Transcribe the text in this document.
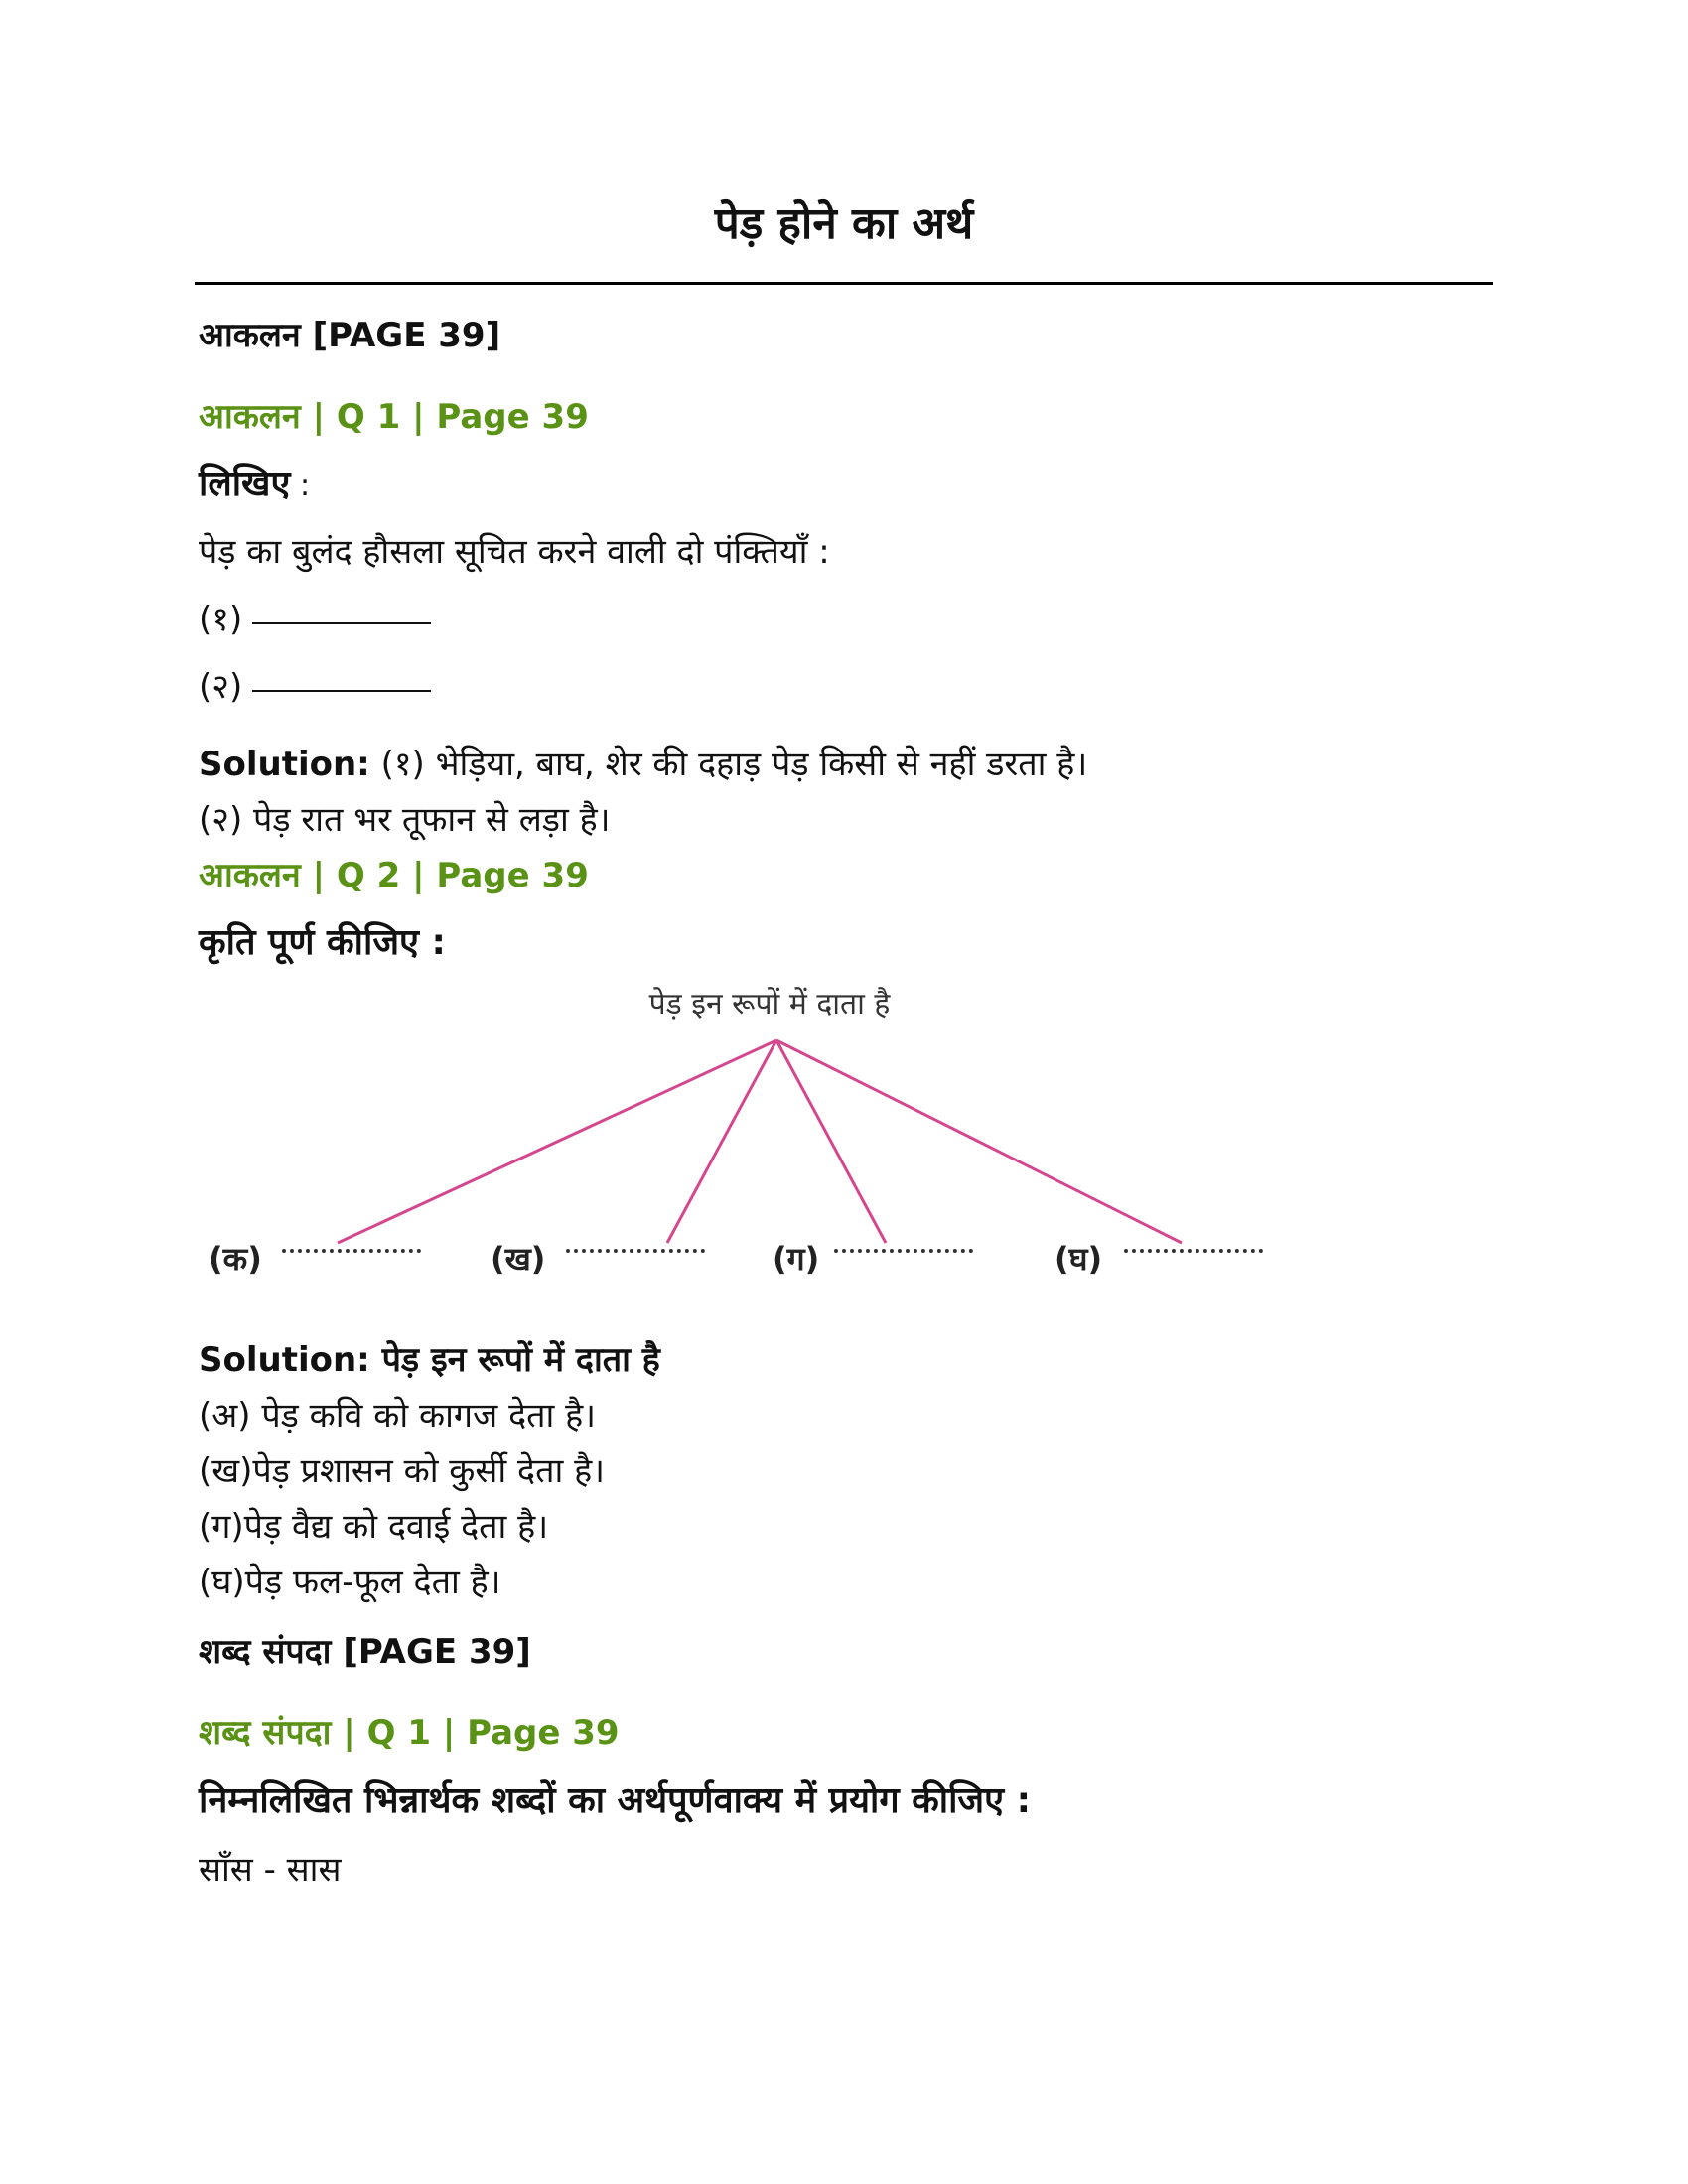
पेड़ होने का अर्थ
आकलन [PAGE 39]
आकलन | Q 1 | Page 39
लिखिए :
पेड़ का बुलंद हौसला सूचित करने वाली दो पंक्तियाँ :
(१)
(२)
Solution: (१) भेड़िया, बाघ, शेर की दहाड़ पेड़ किसी से नहीं डरता है।
(२) पेड़ रात भर तूफान से लड़ा है।
आकलन | Q 2 | Page 39
कृति पूर्ण कीजिए :
पेड़ इन रूपों में दाता है
(क)	(ख)	(ग)	(घ)
Solution: पेड़ इन रूपों में दाता है
(अ) पेड़ कवि को कागज देता है।
(ख)पेड़ प्रशासन को कुर्सी देता है।
(ग)पेड़ वैद्य को दवाई देता है।
(घ)पेड़ फल-फूल देता है।
शब्द संपदा [PAGE 39]
शब्द संपदा | Q 1 | Page 39
निम्नलिखित भिन्नार्थक शब्दों का अर्थपूर्णवाक्य में प्रयोग कीजिए :
साँस - सास
